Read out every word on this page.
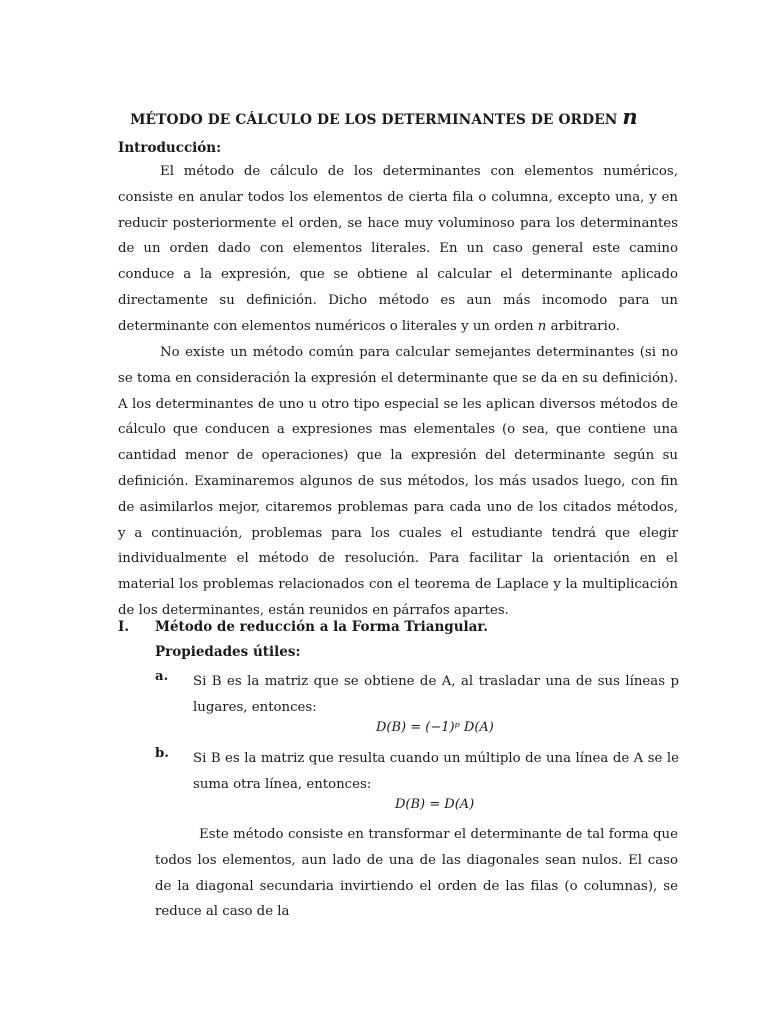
MÉTODO DE CÁLCULO DE LOS DETERMINANTES DE ORDEN n
Introducción:

El método de cálculo de los determinantes con elementos numéricos, consiste en anular todos los elementos de cierta fila o columna, excepto una, y en reducir posteriormente el orden, se hace muy voluminoso para los determinantes de un orden dado con elementos literales. En un caso general este camino conduce a la expresión, que se obtiene al calcular el determinante aplicado directamente su definición. Dicho método es aun más incomodo para un determinante con elementos numéricos o literales y un orden n arbitrario.

No existe un método común para calcular semejantes determinantes (si no se toma en consideración la expresión el determinante que se da en su definición). A los determinantes de uno u otro tipo especial se les aplican diversos métodos de cálculo que conducen a expresiones mas elementales (o sea, que contiene una cantidad menor de operaciones) que la expresión del determinante según su definición. Examinaremos algunos de sus métodos, los más usados luego, con fin de asimilarlos mejor, citaremos problemas para cada uno de los citados métodos, y a continuación, problemas para los cuales el estudiante tendrá que elegir individualmente el método de resolución. Para facilitar la orientación en el material los problemas relacionados con el teorema de Laplace y la multiplicación de los determinantes, están reunidos en párrafos apartes.

I. Método de reducción a la Forma Triangular.
Propiedades útiles:
a. Si B es la matriz que se obtiene de A, al trasladar una de sus líneas p lugares, entonces:

D(B) = (−1)ᵖ D(A)
b. Si B es la matriz que resulta cuando un múltiplo de una línea de A se le suma otra línea, entonces:

D(B) = D(A)

Este método consiste en transformar el determinante de tal forma que todos los elementos, aun lado de una de las diagonales sean nulos. El caso de la diagonal secundaria invirtiendo el orden de las filas (o columnas), se reduce al caso de la
